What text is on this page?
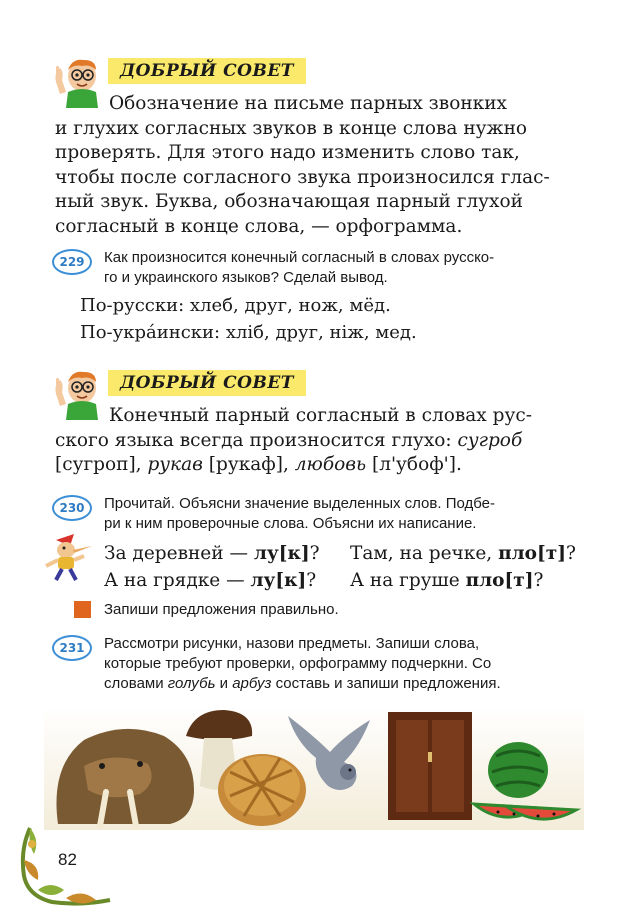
ДОБРЫЙ СОВЕТ
Обозначение на письме парных звонких
и глухих согласных звуков в конце слова нужно
проверять. Для этого надо изменить слово так,
чтобы после согласного звука произносился глас-
ный звук. Буква, обозначающая парный глухой
согласный в конце слова, — орфограмма.
229	Как произносится конечный согласный в словах русско-
го и украинского языков? Сделай вывод.
По-русски: хлеб, друг, нож, мёд.
По-укра́инcки: хліб, друг, ніж, мед.
ДОБРЫЙ СОВЕТ
Конечный парный согласный в словах рус-
ского языка всегда произносится глухо: сугроб
[сугроп], рукав [рукаф], любовь [л'убоф'].
230	Прочитай. Объясни значение выделенных слов. Подбе-
ри к ним проверочные слова. Объясни их написание.
За деревней — лу[к]? Там, на речке, пло[т]?
А на грядке — лу[к]? А на груше пло[т]?
Запиши предложения правильно.
231	Рассмотри рисунки, назови предметы. Запиши слова,
которые требуют проверки, орфограмму подчеркни. Со
словами голубь и арбуз составь и запиши предложения.
82
